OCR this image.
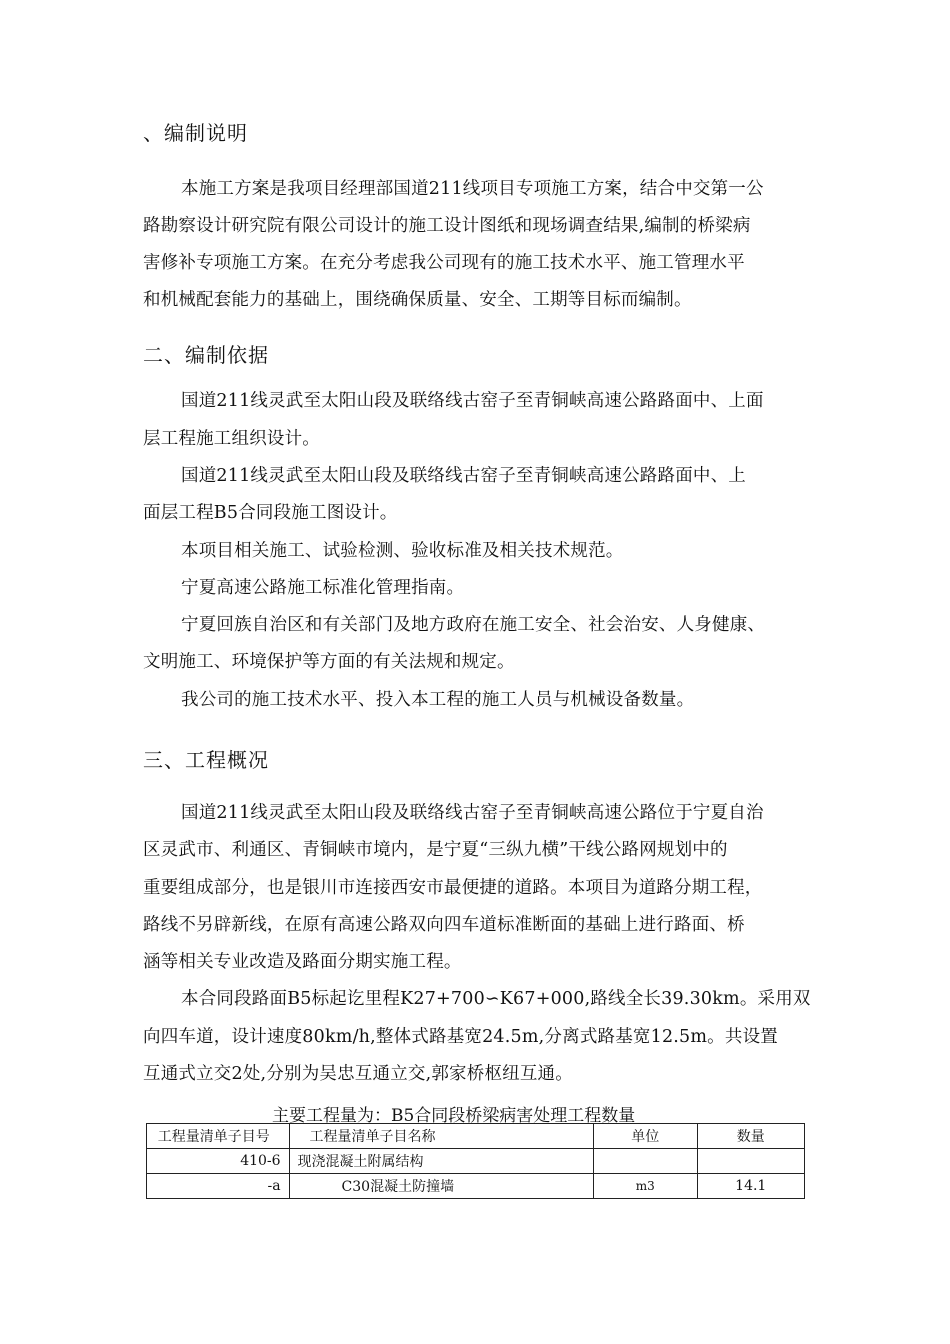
、编制说明
本施工方案是我项目经理部国道211线项目专项施工方案，结合中交第一公
路勘察设计研究院有限公司设计的施工设计图纸和现场调查结果,编制的桥梁病
害修补专项施工方案。在充分考虑我公司现有的施工技术水平、施工管理水平
和机械配套能力的基础上，围绕确保质量、安全、工期等目标而编制。
二、编制依据
国道211线灵武至太阳山段及联络线古窑子至青铜峡高速公路路面中、上面
层工程施工组织设计。
国道211线灵武至太阳山段及联络线古窑子至青铜峡高速公路路面中、上
面层工程B5合同段施工图设计。
本项目相关施工、试验检测、验收标准及相关技术规范。
宁夏高速公路施工标准化管理指南。
宁夏回族自治区和有关部门及地方政府在施工安全、社会治安、人身健康、
文明施工、环境保护等方面的有关法规和规定。
我公司的施工技术水平、投入本工程的施工人员与机械设备数量。
三、工程概况
国道211线灵武至太阳山段及联络线古窑子至青铜峡高速公路位于宁夏自治
区灵武市、利通区、青铜峡市境内，是宁夏“三纵九横”干线公路网规划中的
重要组成部分，也是银川市连接西安市最便捷的道路。本项目为道路分期工程，
路线不另辟新线，在原有高速公路双向四车道标准断面的基础上进行路面、桥
涵等相关专业改造及路面分期实施工程。
本合同段路面B5标起讫里程K27+700∽K67+000,路线全长39.30km。采用双
向四车道，设计速度80km/h,整体式路基宽24.5m,分离式路基宽12.5m。共设置
互通式立交2处,分别为吴忠互通立交,郭家桥枢纽互通。
主要工程量为：B5合同段桥梁病害处理工程数量
工程量清单子目号	工程量清单子目名称	单位	数量
410-6	现浇混凝土附属结构		
-a	C30混凝土防撞墙	m3	14.1
